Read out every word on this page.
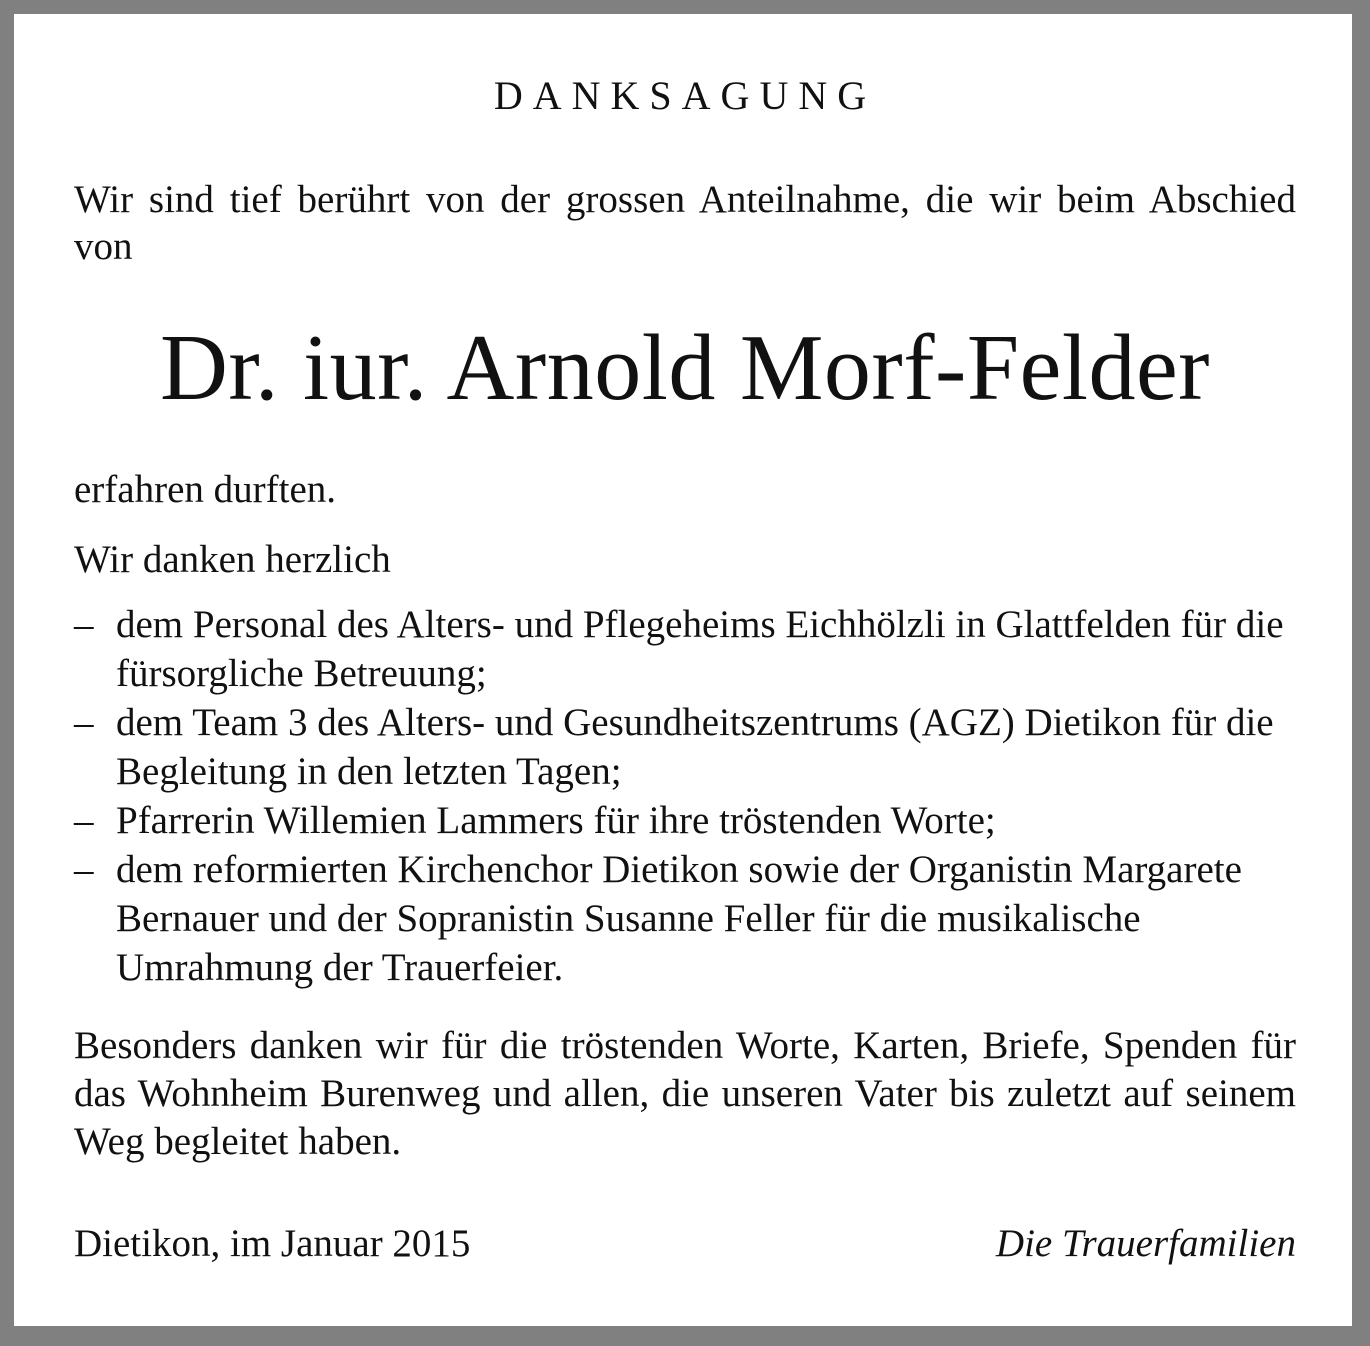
DANKSAGUNG
Wir sind tief berührt von der grossen Anteilnahme, die wir beim Abschied von
Dr. iur. Arnold Morf-Felder
erfahren durften.
Wir danken herzlich
– dem Personal des Alters- und Pflegeheims Eichhölzli in Glattfelden für die fürsorgliche Betreuung;
– dem Team 3 des Alters- und Gesundheitszentrums (AGZ) Dietikon für die Begleitung in den letzten Tagen;
– Pfarrerin Willemien Lammers für ihre tröstenden Worte;
– dem reformierten Kirchenchor Dietikon sowie der Organistin Margarete Bernauer und der Sopranistin Susanne Feller für die musikalische Umrahmung der Trauerfeier.
Besonders danken wir für die tröstenden Worte, Karten, Briefe, Spenden für das Wohnheim Burenweg und allen, die unseren Vater bis zuletzt auf seinem Weg begleitet haben.
Dietikon, im Januar 2015	Die Trauerfamilien
